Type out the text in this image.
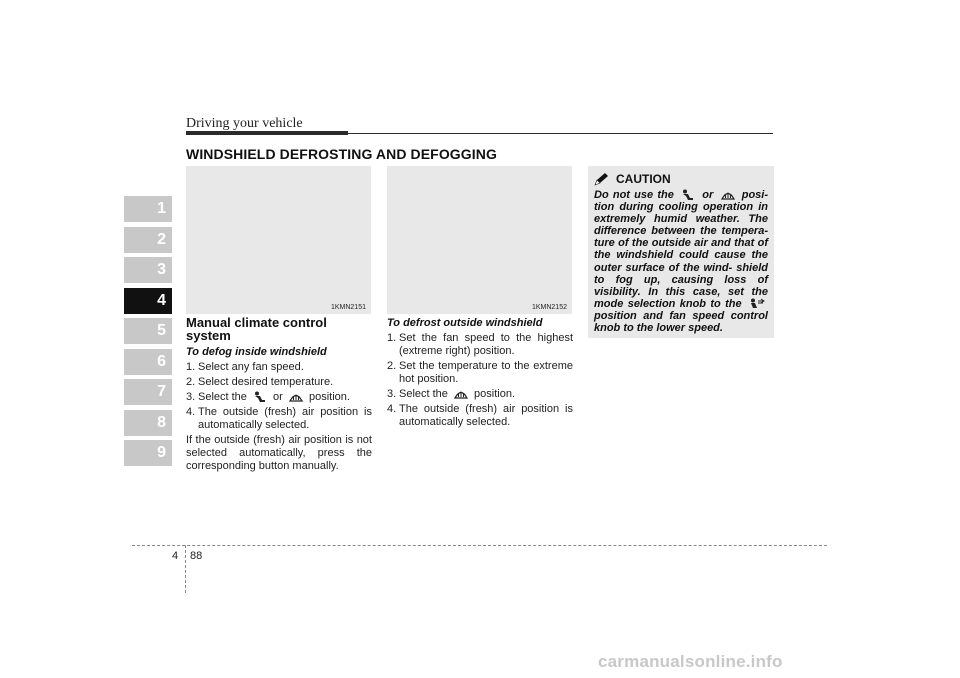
Driving your vehicle
WINDSHIELD DEFROSTING AND DEFOGGING
1
2
3
4
5
6
7
8
9
1KMN2151	1KMN2152
Manual climate control system
To defog inside windshield
1. Select any fan speed.
2. Select desired temperature.
3. Select the or position.
4. The outside (fresh) air position is automatically selected.
If the outside (fresh) air position is not selected automatically, press the corresponding button manually.
To defrost outside windshield
1. Set the fan speed to the highest (extreme right) position.
2. Set the temperature to the extreme hot position.
3. Select the position.
4. The outside (fresh) air position is automatically selected.
CAUTION
Do not use the	or	posi- tion during cooling operation in extremely humid weather. The difference between the tempera- ture of the outside air and that of the windshield could cause the outer surface of the wind- shield to fog up, causing loss of visibility. In this case, set the mode selection knob to the  position and fan speed control knob to the lower speed.
4 88
carmanualsonline.info
